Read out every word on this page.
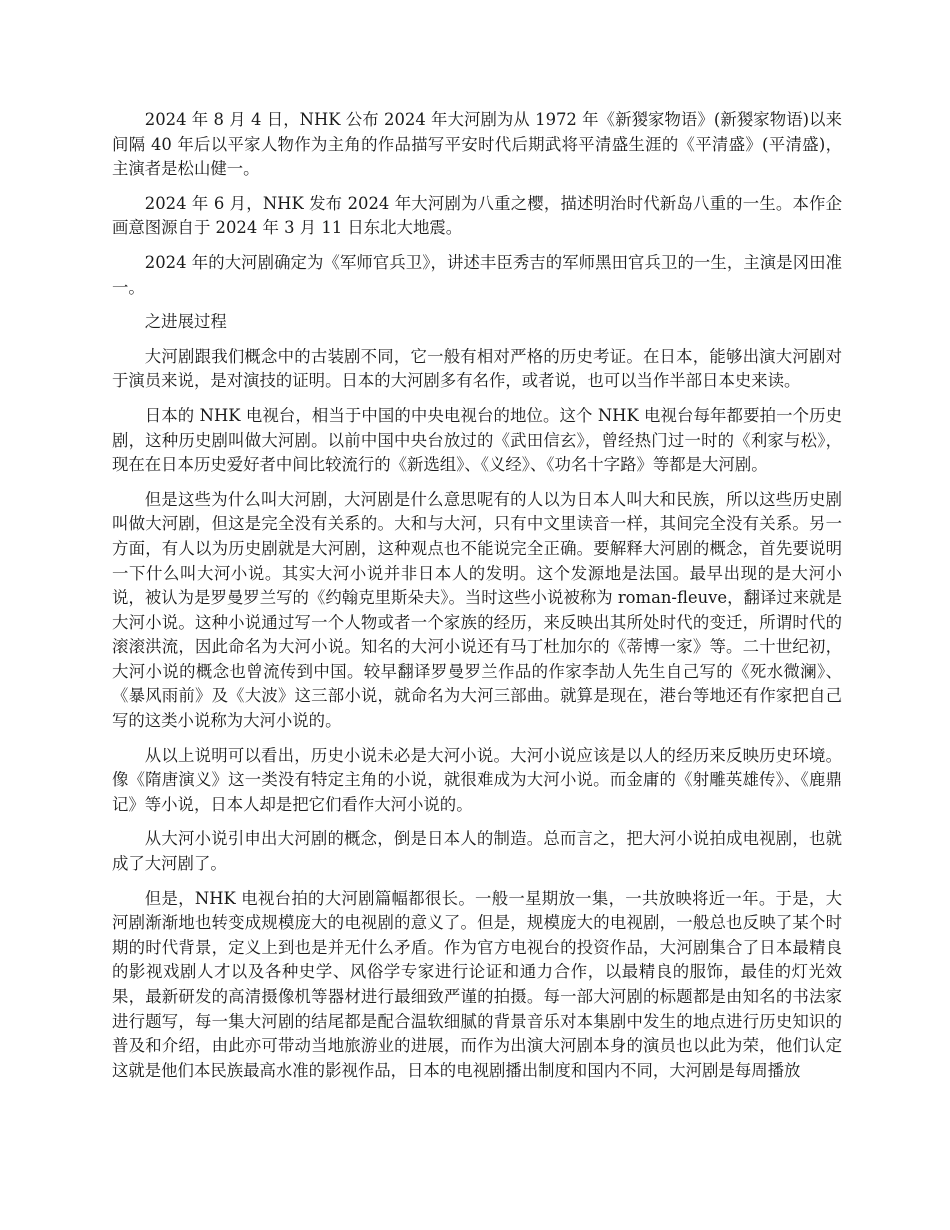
2024 年 8 月 4 日，NHK 公布 2024 年大河剧为从 1972 年《新猣家物语》(新猣家物语)以来间隔 40 年后以平家人物作为主角的作品描写平安时代后期武将平清盛生涯的《平清盛》(平清盛)，主演者是松山健一。

2024 年 6 月，NHK 发布 2024 年大河剧为八重之樱，描述明治时代新岛八重的一生。本作企画意图源自于 2024 年 3 月 11 日东北大地震。

2024 年的大河剧确定为《军师官兵卫》，讲述丰臣秀吉的军师黑田官兵卫的一生，主演是冈田准一。

之进展过程

大河剧跟我们概念中的古装剧不同，它一般有相对严格的历史考证。在日本，能够出演大河剧对于演员来说，是对演技的证明。日本的大河剧多有名作，或者说，也可以当作半部日本史来读。

日本的 NHK 电视台，相当于中国的中央电视台的地位。这个 NHK 电视台每年都要拍一个历史剧，这种历史剧叫做大河剧。以前中国中央台放过的《武田信玄》，曾经热门过一时的《利家与松》，现在在日本历史爱好者中间比较流行的《新选组》、《义经》、《功名十字路》等都是大河剧。

但是这些为什么叫大河剧，大河剧是什么意思呢有的人以为日本人叫大和民族，所以这些历史剧叫做大河剧，但这是完全没有关系的。大和与大河，只有中文里读音一样，其间完全没有关系。另一方面，有人以为历史剧就是大河剧，这种观点也不能说完全正确。要解释大河剧的概念，首先要说明一下什么叫大河小说。其实大河小说并非日本人的发明。这个发源地是法国。最早出现的是大河小说，被认为是罗曼罗兰写的《约翰克里斯朵夫》。当时这些小说被称为 roman-fleuve，翻译过来就是大河小说。这种小说通过写一个人物或者一个家族的经历，来反映出其所处时代的变迁，所谓时代的滚滚洪流，因此命名为大河小说。知名的大河小说还有马丁杜加尔的《蒂博一家》等。二十世纪初，大河小说的概念也曾流传到中国。较早翻译罗曼罗兰作品的作家李劼人先生自己写的《死水微澜》、《暴风雨前》及《大波》这三部小说，就命名为大河三部曲。就算是现在，港台等地还有作家把自己写的这类小说称为大河小说的。

从以上说明可以看出，历史小说未必是大河小说。大河小说应该是以人的经历来反映历史环境。像《隋唐演义》这一类没有特定主角的小说，就很难成为大河小说。而金庸的《射雕英雄传》、《鹿鼎记》等小说，日本人却是把它们看作大河小说的。

从大河小说引申出大河剧的概念，倒是日本人的制造。总而言之，把大河小说拍成电视剧，也就成了大河剧了。

但是，NHK 电视台拍的大河剧篇幅都很长。一般一星期放一集，一共放映将近一年。于是，大河剧渐渐地也转变成规模庞大的电视剧的意义了。但是，规模庞大的电视剧，一般总也反映了某个时期的时代背景，定义上到也是并无什么矛盾。作为官方电视台的投资作品，大河剧集合了日本最精良的影视戏剧人才以及各种史学、风俗学专家进行论证和通力合作，以最精良的服饰，最佳的灯光效果，最新研发的高清摄像机等器材进行最细致严谨的拍摄。每一部大河剧的标题都是由知名的书法家进行题写，每一集大河剧的结尾都是配合温软细腻的背景音乐对本集剧中发生的地点进行历史知识的普及和介绍，由此亦可带动当地旅游业的进展，而作为出演大河剧本身的演员也以此为荣，他们认定这就是他们本民族最高水准的影视作品，日本的电视剧播出制度和国内不同，大河剧是每周播放
